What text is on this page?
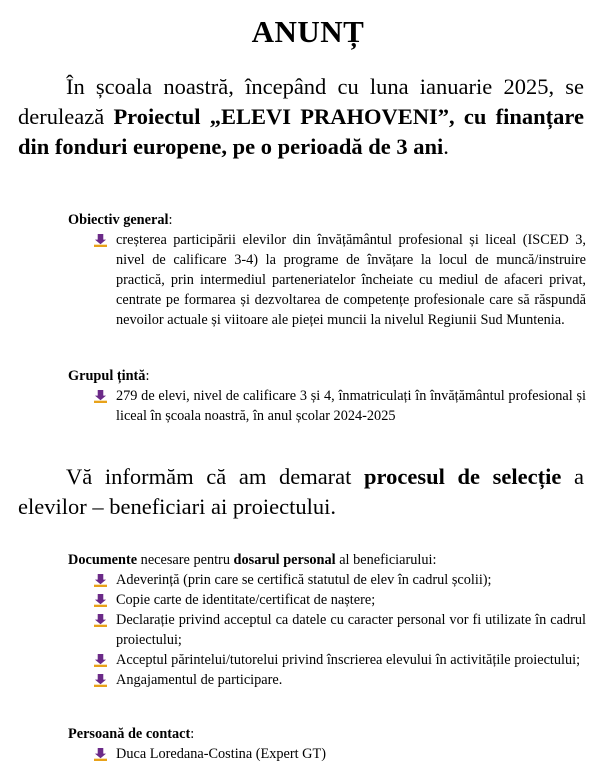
ANUNȚ

În școala noastră, începând cu luna ianuarie 2025, se derulează Proiectul „ELEVI PRAHOVENI”, cu finanțare din fonduri europene, pe o perioadă de 3 ani.

Obiectiv general:

creșterea participării elevilor din învățământul profesional și liceal (ISCED 3, nivel de calificare 3-4) la programe de învățare la locul de muncă/instruire practică, prin intermediul parteneriatelor încheiate cu mediul de afaceri privat, centrate pe formarea și dezvoltarea de competențe profesionale care să răspundă nevoilor actuale și viitoare ale pieței muncii la nivelul Regiunii Sud Muntenia.

Grupul țintă:

279 de elevi, nivel de calificare 3 și 4, înmatriculați în învățământul profesional și liceal în școala noastră, în anul școlar 2024-2025

Vă informăm că am demarat procesul de selecție a elevilor – beneficiari ai proiectului.

Documente necesare pentru dosarul personal al beneficiarului:

Adeverință (prin care se certifică statutul de elev în cadrul școlii);
Copie carte de identitate/certificat de naștere;
Declarație privind acceptul ca datele cu caracter personal vor fi utilizate în cadrul proiectului;
Acceptul părintelui/tutorelui privind înscrierea elevului în activitățile proiectului;
Angajamentul de participare.

Persoană de contact:

Duca Loredana-Costina (Expert GT)
